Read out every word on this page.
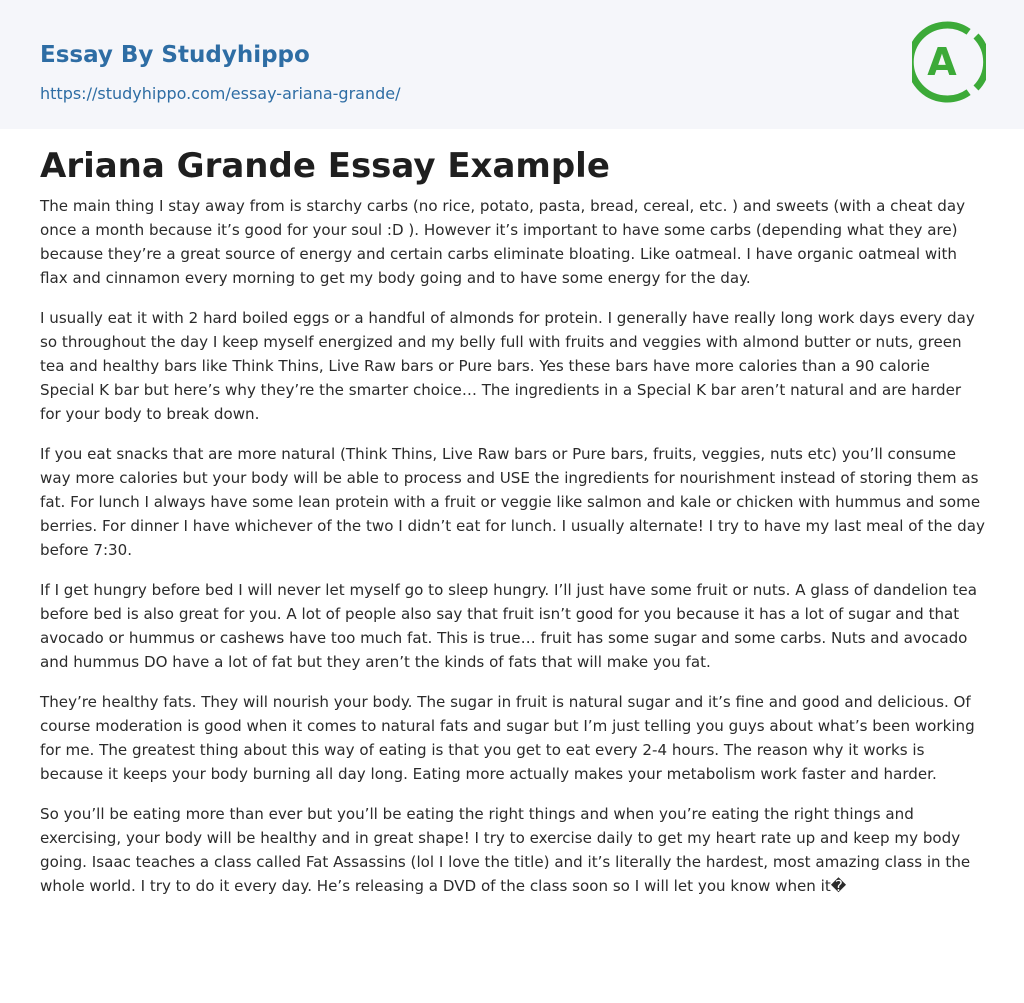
Essay By Studyhippo
https://studyhippo.com/essay-ariana-grande/
A
Ariana Grande Essay Example

The main thing I stay away from is starchy carbs (no rice, potato, pasta, bread, cereal, etc. ) and sweets (with a cheat day once a month because it’s good for your soul :D ). However it’s important to have some carbs (depending what they are) because they’re a great source of energy and certain carbs eliminate bloating. Like oatmeal. I have organic oatmeal with flax and cinnamon every morning to get my body going and to have some energy for the day.

I usually eat it with 2 hard boiled eggs or a handful of almonds for protein. I generally have really long work days every day so throughout the day I keep myself energized and my belly full with fruits and veggies with almond butter or nuts, green tea and healthy bars like Think Thins, Live Raw bars or Pure bars. Yes these bars have more calories than a 90 calorie Special K bar but here’s why they’re the smarter choice… The ingredients in a Special K bar aren’t natural and are harder for your body to break down.

If you eat snacks that are more natural (Think Thins, Live Raw bars or Pure bars, fruits, veggies, nuts etc) you’ll consume way more calories but your body will be able to process and USE the ingredients for nourishment instead of storing them as fat. For lunch I always have some lean protein with a fruit or veggie like salmon and kale or chicken with hummus and some berries. For dinner I have whichever of the two I didn’t eat for lunch. I usually alternate! I try to have my last meal of the day before 7:30.

If I get hungry before bed I will never let myself go to sleep hungry. I’ll just have some fruit or nuts. A glass of dandelion tea before bed is also great for you. A lot of people also say that fruit isn’t good for you because it has a lot of sugar and that avocado or hummus or cashews have too much fat. This is true… fruit has some sugar and some carbs. Nuts and avocado and hummus DO have a lot of fat but they aren’t the kinds of fats that will make you fat.

They’re healthy fats. They will nourish your body. The sugar in fruit is natural sugar and it’s fine and good and delicious. Of course moderation is good when it comes to natural fats and sugar but I’m just telling you guys about what’s been working for me. The greatest thing about this way of eating is that you get to eat every 2-4 hours. The reason why it works is because it keeps your body burning all day long. Eating more actually makes your metabolism work faster and harder.

So you’ll be eating more than ever but you’ll be eating the right things and when you’re eating the right things and exercising, your body will be healthy and in great shape! I try to exercise daily to get my heart rate up and keep my body going. Isaac teaches a class called Fat Assassins (lol I love the title) and it’s literally the hardest, most amazing class in the whole world. I try to do it every day. He’s releasing a DVD of the class soon so I will let you know when it�
